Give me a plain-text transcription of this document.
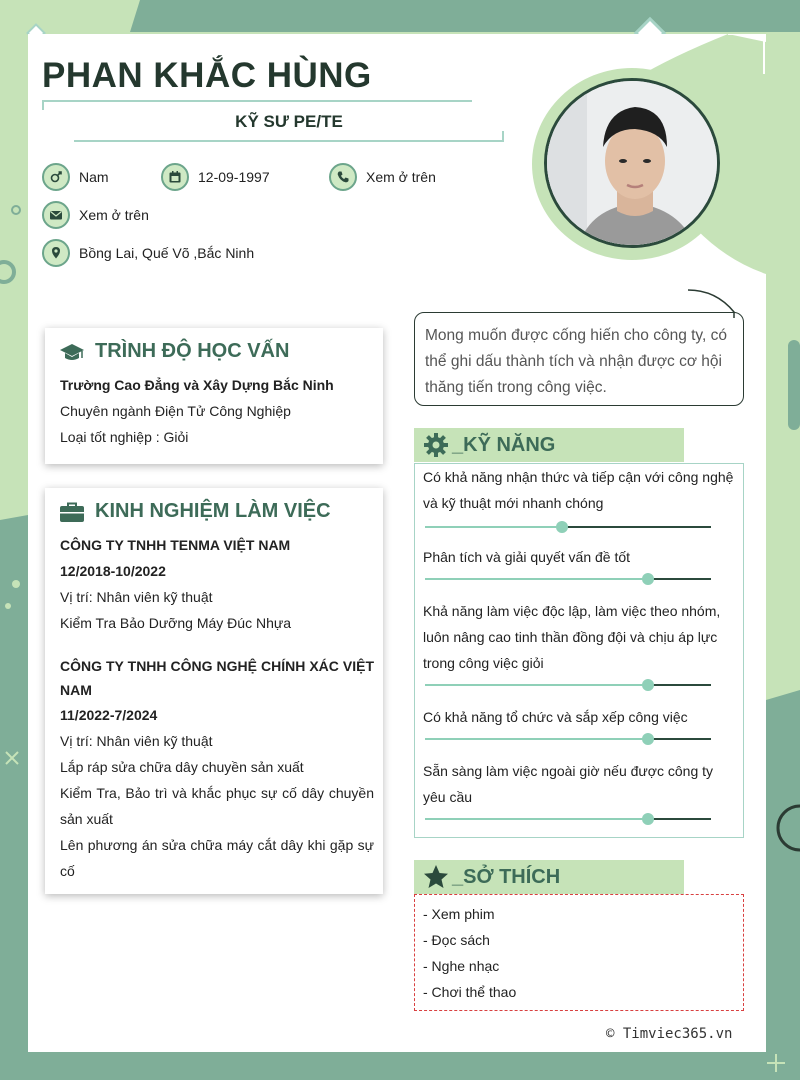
PHAN KHẮC HÙNG
KỸ SƯ PE/TE
Nam	12-09-1997	Xem ở trên
Xem ở trên
Bồng Lai, Quế Võ ,Bắc Ninh
TRÌNH ĐỘ HỌC VẤN
Trường Cao Đẳng và Xây Dựng Bắc Ninh
Chuyên ngành Điện Tử Công Nghiệp
Loại tốt nghiệp : Giỏi
KINH NGHIỆM LÀM VIỆC
CÔNG TY TNHH TENMA VIỆT NAM
12/2018-10/2022
Vị trí: Nhân viên kỹ thuật
Kiểm Tra Bảo Dưỡng Máy Đúc Nhựa
CÔNG TY TNHH CÔNG NGHỆ CHÍNH XÁC VIỆT NAM
11/2022-7/2024
Vị trí: Nhân viên kỹ thuật
Lắp ráp sửa chữa dây chuyền sản xuất
Kiểm Tra, Bảo trì và khắc phục sự cố dây chuyền sản xuất
Lên phương án sửa chữa máy cắt dây khi gặp sự cố
Mong muốn được cống hiến cho công ty, có thể ghi dấu thành tích và nhận được cơ hội thăng tiến trong công việc.
_KỸ NĂNG
Có khả năng nhận thức và tiếp cận với công nghệ và kỹ thuật mới nhanh chóng
Phân tích và giải quyết vấn đề tốt
Khả năng làm việc độc lập, làm việc theo nhóm, luôn nâng cao tinh thần đồng đội và chịu áp lực trong công việc giỏi
Có khả năng tổ chức và sắp xếp công việc
Sẵn sàng làm việc ngoài giờ nếu được công ty yêu cầu
_SỞ THÍCH
- Xem phim
- Đọc sách
- Nghe nhạc
- Chơi thể thao
© Timviec365.vn
